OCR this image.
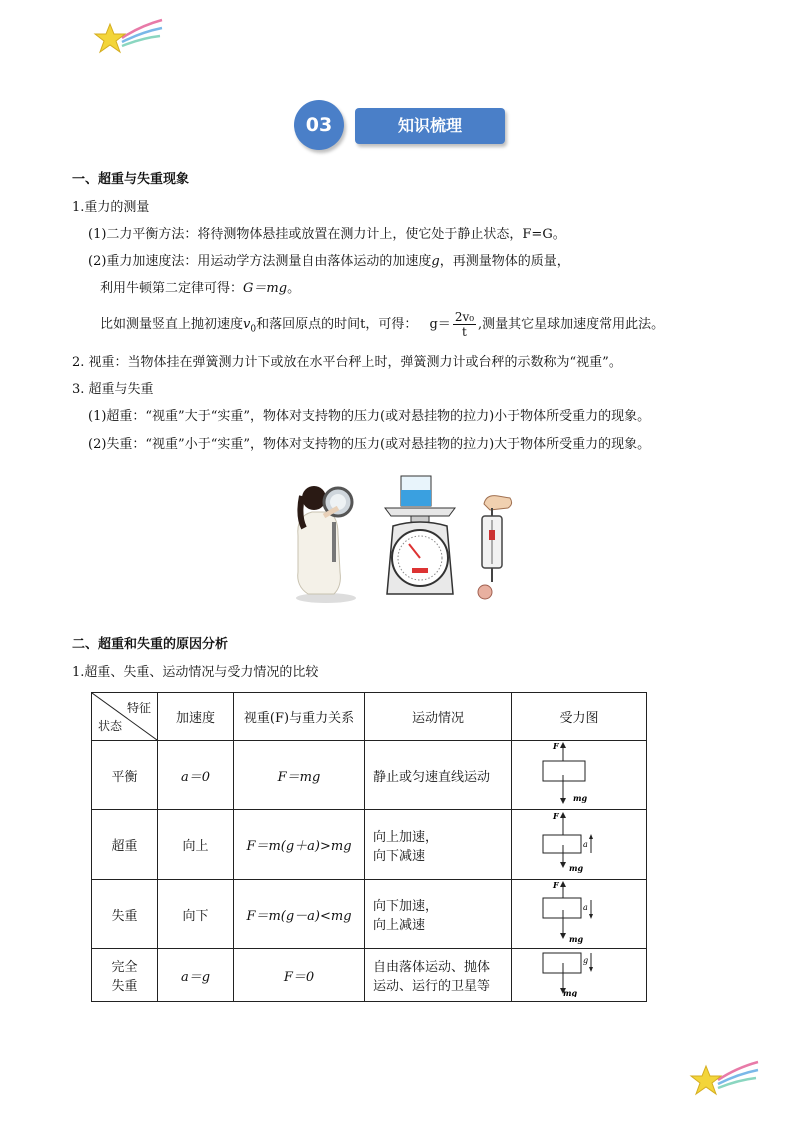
03	知识梳理
一、超重与失重现象
1.重力的测量
(1)二力平衡方法：将待测物体悬挂或放置在测力计上，使它处于静止状态，F=G。
(2)重力加速度法：用运动学方法测量自由落体运动的加速度g，再测量物体的质量，
利用牛顿第二定律可得：G＝mg。
比如测量竖直上抛初速度$v_0$和落回原点的时间t，可得： $g= \frac{\text{2v₀}}{t}$ ,测量其它星球加速度常用此法。
2. 视重：当物体挂在弹簧测力计下或放在水平台秤上时，弹簧测力计或台秤的示数称为“视重”。
3. 超重与失重
(1)超重：“视重”大于“实重”，物体对支持物的压力(或对悬挂物的拉力)小于物体所受重力的现象。
(2)失重：“视重”小于“实重”，物体对支持物的压力(或对悬挂物的拉力)大于物体所受重力的现象。
二、超重和失重的原因分析
1.超重、失重、运动情况与受力情况的比较
特征
状态	加速度	视重(F)与重力关系	运动情况	受力图
平衡	a＝0	F＝mg	静止或匀速直线运动	F
mg

超重	向上	F＝m(g＋a)>mg	向上加速，
向下减速	F
mg
a

失重	向下	F＝m(g－a)<mg	向下加速，
向上减速	F
mg
a

完全
失重	a＝g	F＝0	自由落体运动、抛体
运动、运行的卫星等	mg
g
